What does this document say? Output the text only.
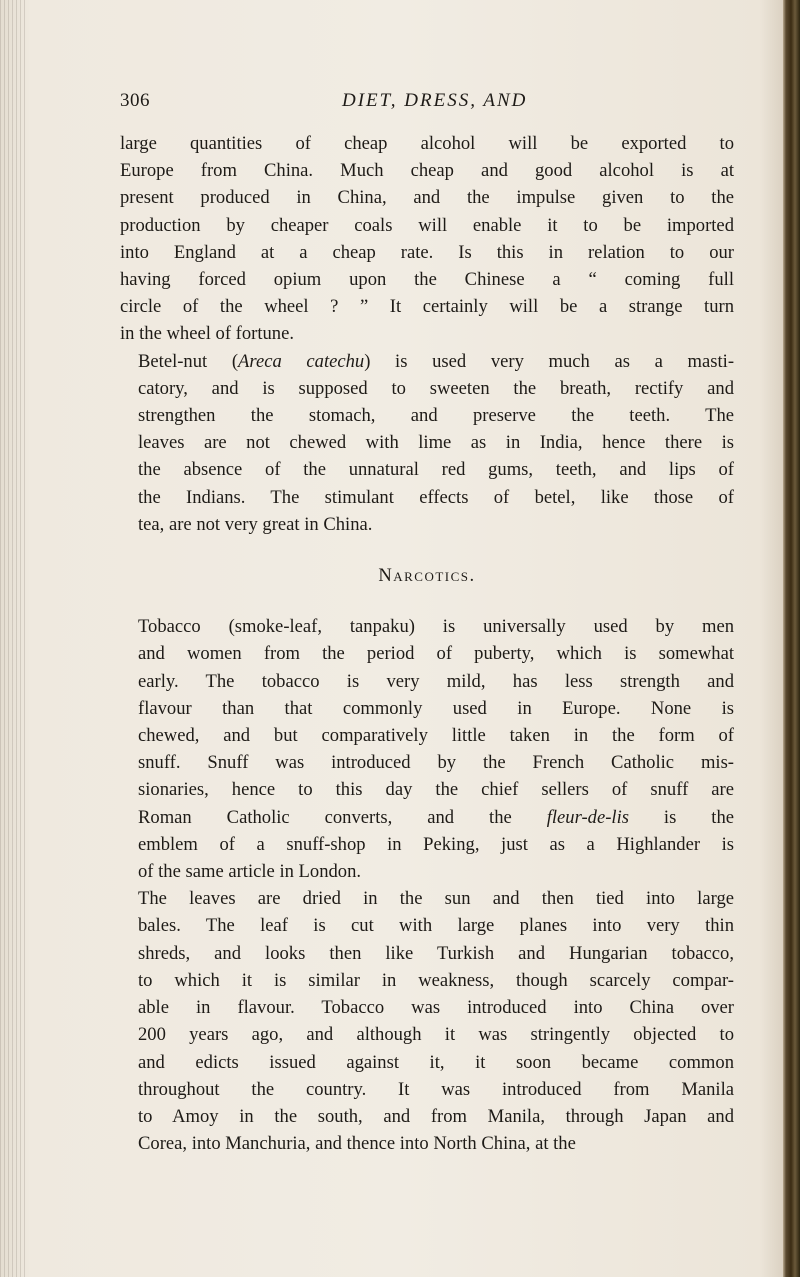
306	DIET, DRESS, AND
large quantities of cheap alcohol will be exported to
Europe from China. Much cheap and good alcohol is at
present produced in China, and the impulse given to the
production by cheaper coals will enable it to be imported
into England at a cheap rate. Is this in relation to our
having forced opium upon the Chinese a “ coming full
circle of the wheel ? ” It certainly will be a strange turn
in the wheel of fortune.
Betel-nut (Areca catechu) is used very much as a masti-
catory, and is supposed to sweeten the breath, rectify and
strengthen the stomach, and preserve the teeth. The
leaves are not chewed with lime as in India, hence there is
the absence of the unnatural red gums, teeth, and lips of
the Indians. The stimulant effects of betel, like those of
tea, are not very great in China.
Narcotics.
Tobacco (smoke-leaf, tanpaku) is universally used by men
and women from the period of puberty, which is somewhat
early. The tobacco is very mild, has less strength and
flavour than that commonly used in Europe. None is
chewed, and but comparatively little taken in the form of
snuff. Snuff was introduced by the French Catholic mis-
sionaries, hence to this day the chief sellers of snuff are
Roman Catholic converts, and the fleur-de-lis is the
emblem of a snuff-shop in Peking, just as a Highlander is
of the same article in London.
The leaves are dried in the sun and then tied into large
bales. The leaf is cut with large planes into very thin
shreds, and looks then like Turkish and Hungarian tobacco,
to which it is similar in weakness, though scarcely compar-
able in flavour. Tobacco was introduced into China over
200 years ago, and although it was stringently objected to
and edicts issued against it, it soon became common
throughout the country. It was introduced from Manila
to Amoy in the south, and from Manila, through Japan and
Corea, into Manchuria, and thence into North China, at the
